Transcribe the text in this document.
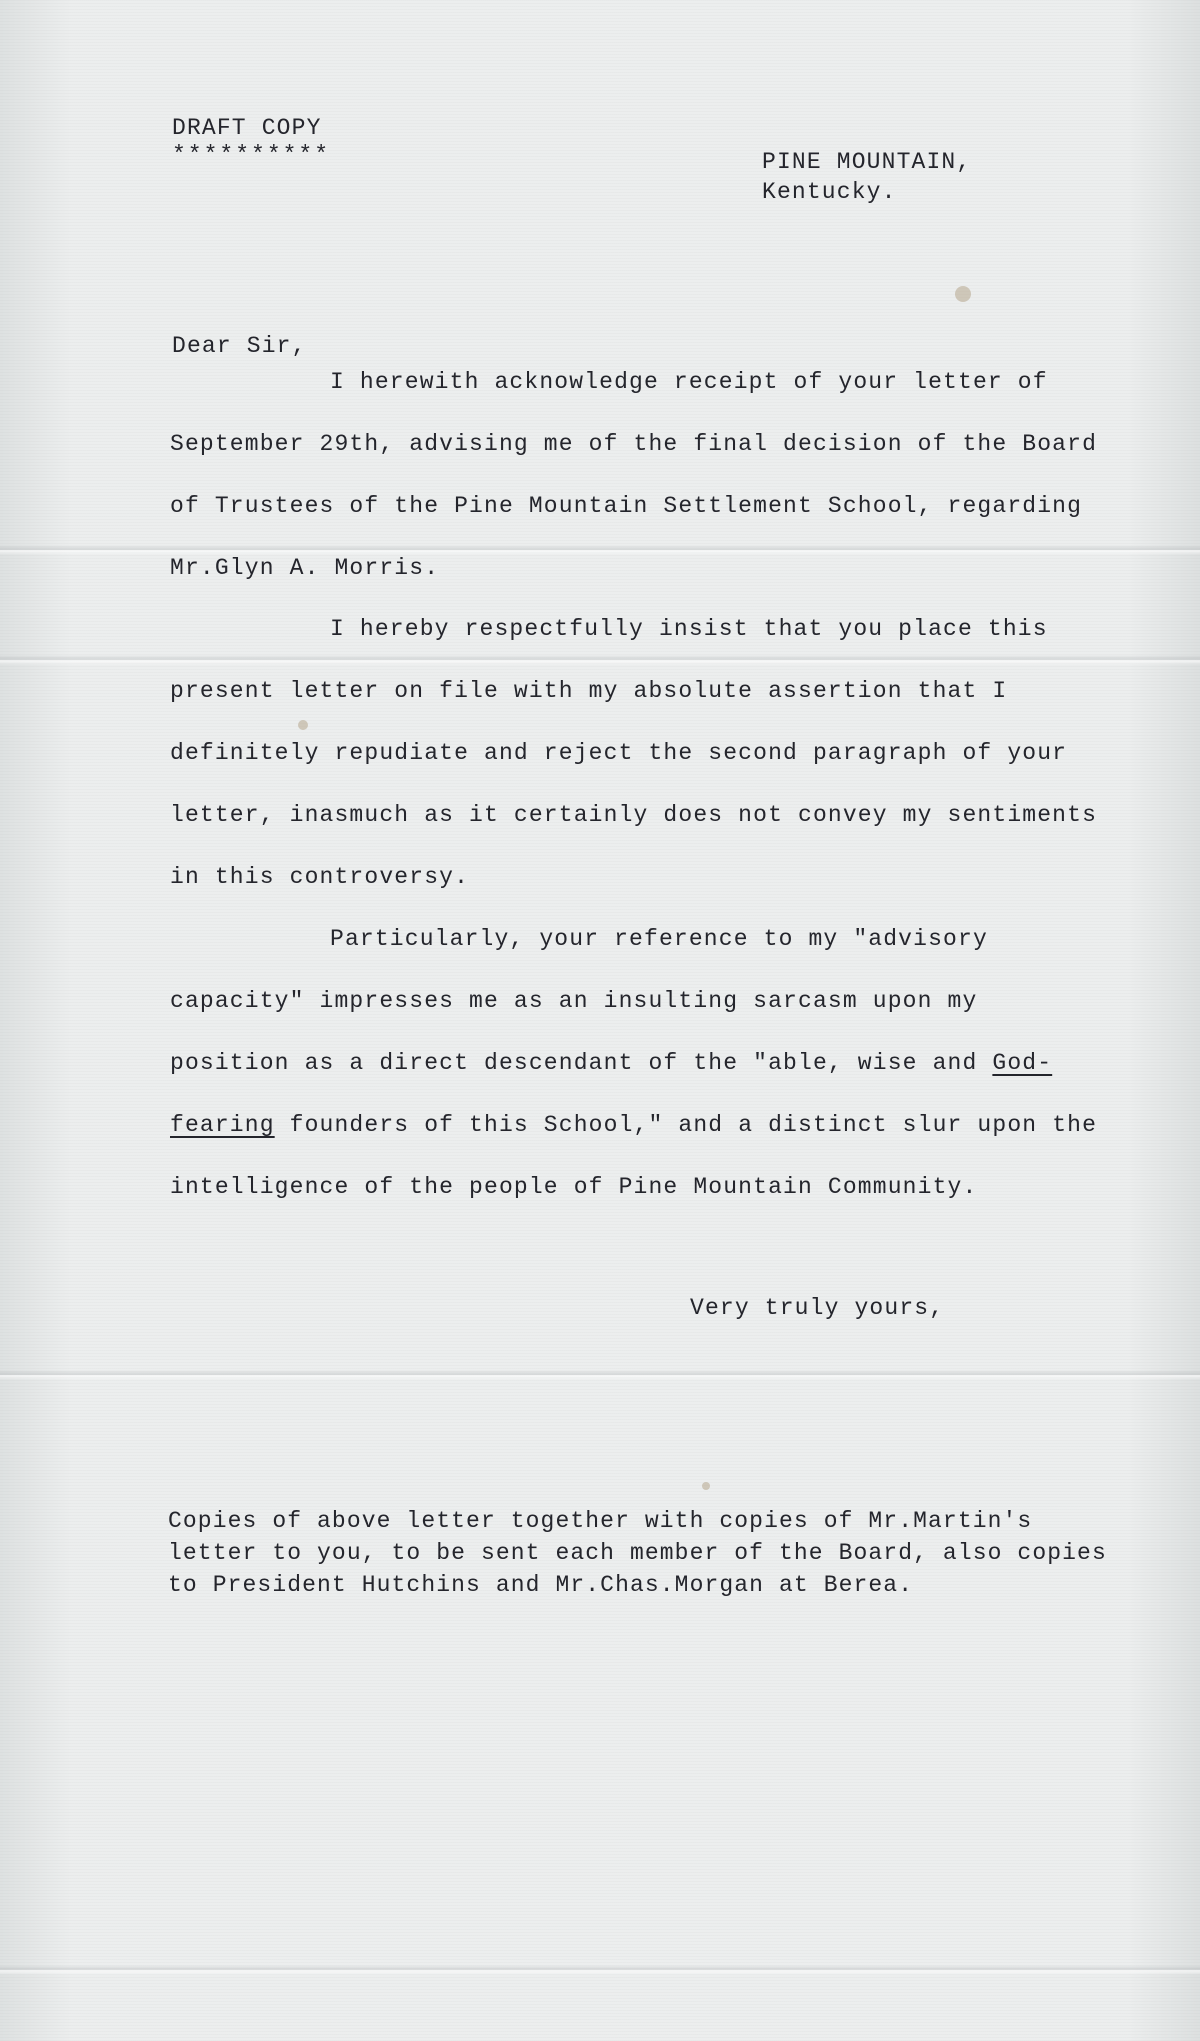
DRAFT COPY
**********	PINE MOUNTAIN,
Kentucky.
Dear Sir,
I herewith acknowledge receipt of your letter of September 29th, advising me of the final decision of the Board of Trustees of the Pine Mountain Settlement School, regarding Mr.Glyn A. Morris.
I hereby respectfully insist that you place this present letter on file with my absolute assertion that I definitely repudiate and reject the second paragraph of your letter, inasmuch as it certainly does not convey my sentiments in this controversy.
Particularly, your reference to my "advisory capacity" impresses me as an insulting sarcasm upon my position as a direct descendant of the "able, wise and God-fearing founders of this School," and a distinct slur upon the intelligence of the people of Pine Mountain Community.
Very truly yours,
Copies of above letter together with copies of Mr.Martin's letter to you, to be sent each member of the Board, also copies to President Hutchins and Mr.Chas.Morgan at Berea.
